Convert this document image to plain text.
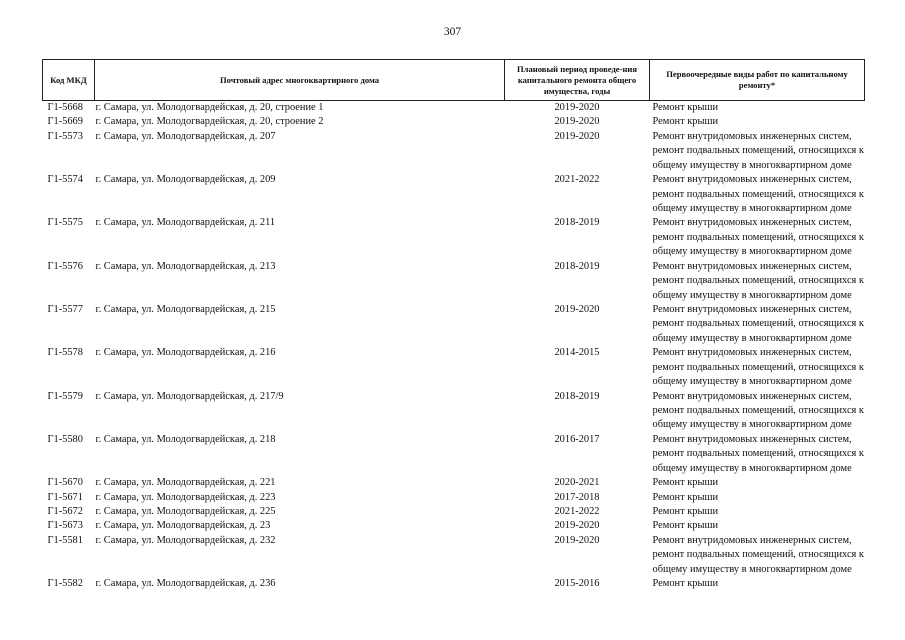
307
Код МКД	Почтовый адрес многоквартирного дома	Плановый период проведе-ния капитального ремонта общего имущества, годы	Первоочередные виды работ по капитальному ремонту*
Г1-5668	г. Самара, ул. Молодогвардейская, д. 20, строение 1	2019-2020	Ремонт крыши

Г1-5669	г. Самара, ул. Молодогвардейская, д. 20, строение 2	2019-2020	Ремонт крыши

Г1-5573	г. Самара, ул. Молодогвардейская, д. 207	2019-2020	Ремонт внутридомовых инженерных систем,
ремонт подвальных помещений, относящихся к
общему имуществу в многоквартирном доме

Г1-5574	г. Самара, ул. Молодогвардейская, д. 209	2021-2022	Ремонт внутридомовых инженерных систем,
ремонт подвальных помещений, относящихся к
общему имуществу в многоквартирном доме

Г1-5575	г. Самара, ул. Молодогвардейская, д. 211	2018-2019	Ремонт внутридомовых инженерных систем,
ремонт подвальных помещений, относящихся к
общему имуществу в многоквартирном доме

Г1-5576	г. Самара, ул. Молодогвардейская, д. 213	2018-2019	Ремонт внутридомовых инженерных систем,
ремонт подвальных помещений, относящихся к
общему имуществу в многоквартирном доме

Г1-5577	г. Самара, ул. Молодогвардейская, д. 215	2019-2020	Ремонт внутридомовых инженерных систем,
ремонт подвальных помещений, относящихся к
общему имуществу в многоквартирном доме

Г1-5578	г. Самара, ул. Молодогвардейская, д. 216	2014-2015	Ремонт внутридомовых инженерных систем,
ремонт подвальных помещений, относящихся к
общему имуществу в многоквартирном доме

Г1-5579	г. Самара, ул. Молодогвардейская, д. 217/9	2018-2019	Ремонт внутридомовых инженерных систем,
ремонт подвальных помещений, относящихся к
общему имуществу в многоквартирном доме

Г1-5580	г. Самара, ул. Молодогвардейская, д. 218	2016-2017	Ремонт внутридомовых инженерных систем,
ремонт подвальных помещений, относящихся к
общему имуществу в многоквартирном доме

Г1-5670	г. Самара, ул. Молодогвардейская, д. 221	2020-2021	Ремонт крыши

Г1-5671	г. Самара, ул. Молодогвардейская, д. 223	2017-2018	Ремонт крыши

Г1-5672	г. Самара, ул. Молодогвардейская, д. 225	2021-2022	Ремонт крыши

Г1-5673	г. Самара, ул. Молодогвардейская, д. 23	2019-2020	Ремонт крыши

Г1-5581	г. Самара, ул. Молодогвардейская, д. 232	2019-2020	Ремонт внутридомовых инженерных систем,
ремонт подвальных помещений, относящихся к
общему имуществу в многоквартирном доме

Г1-5582	г. Самара, ул. Молодогвардейская, д. 236	2015-2016	Ремонт крыши
